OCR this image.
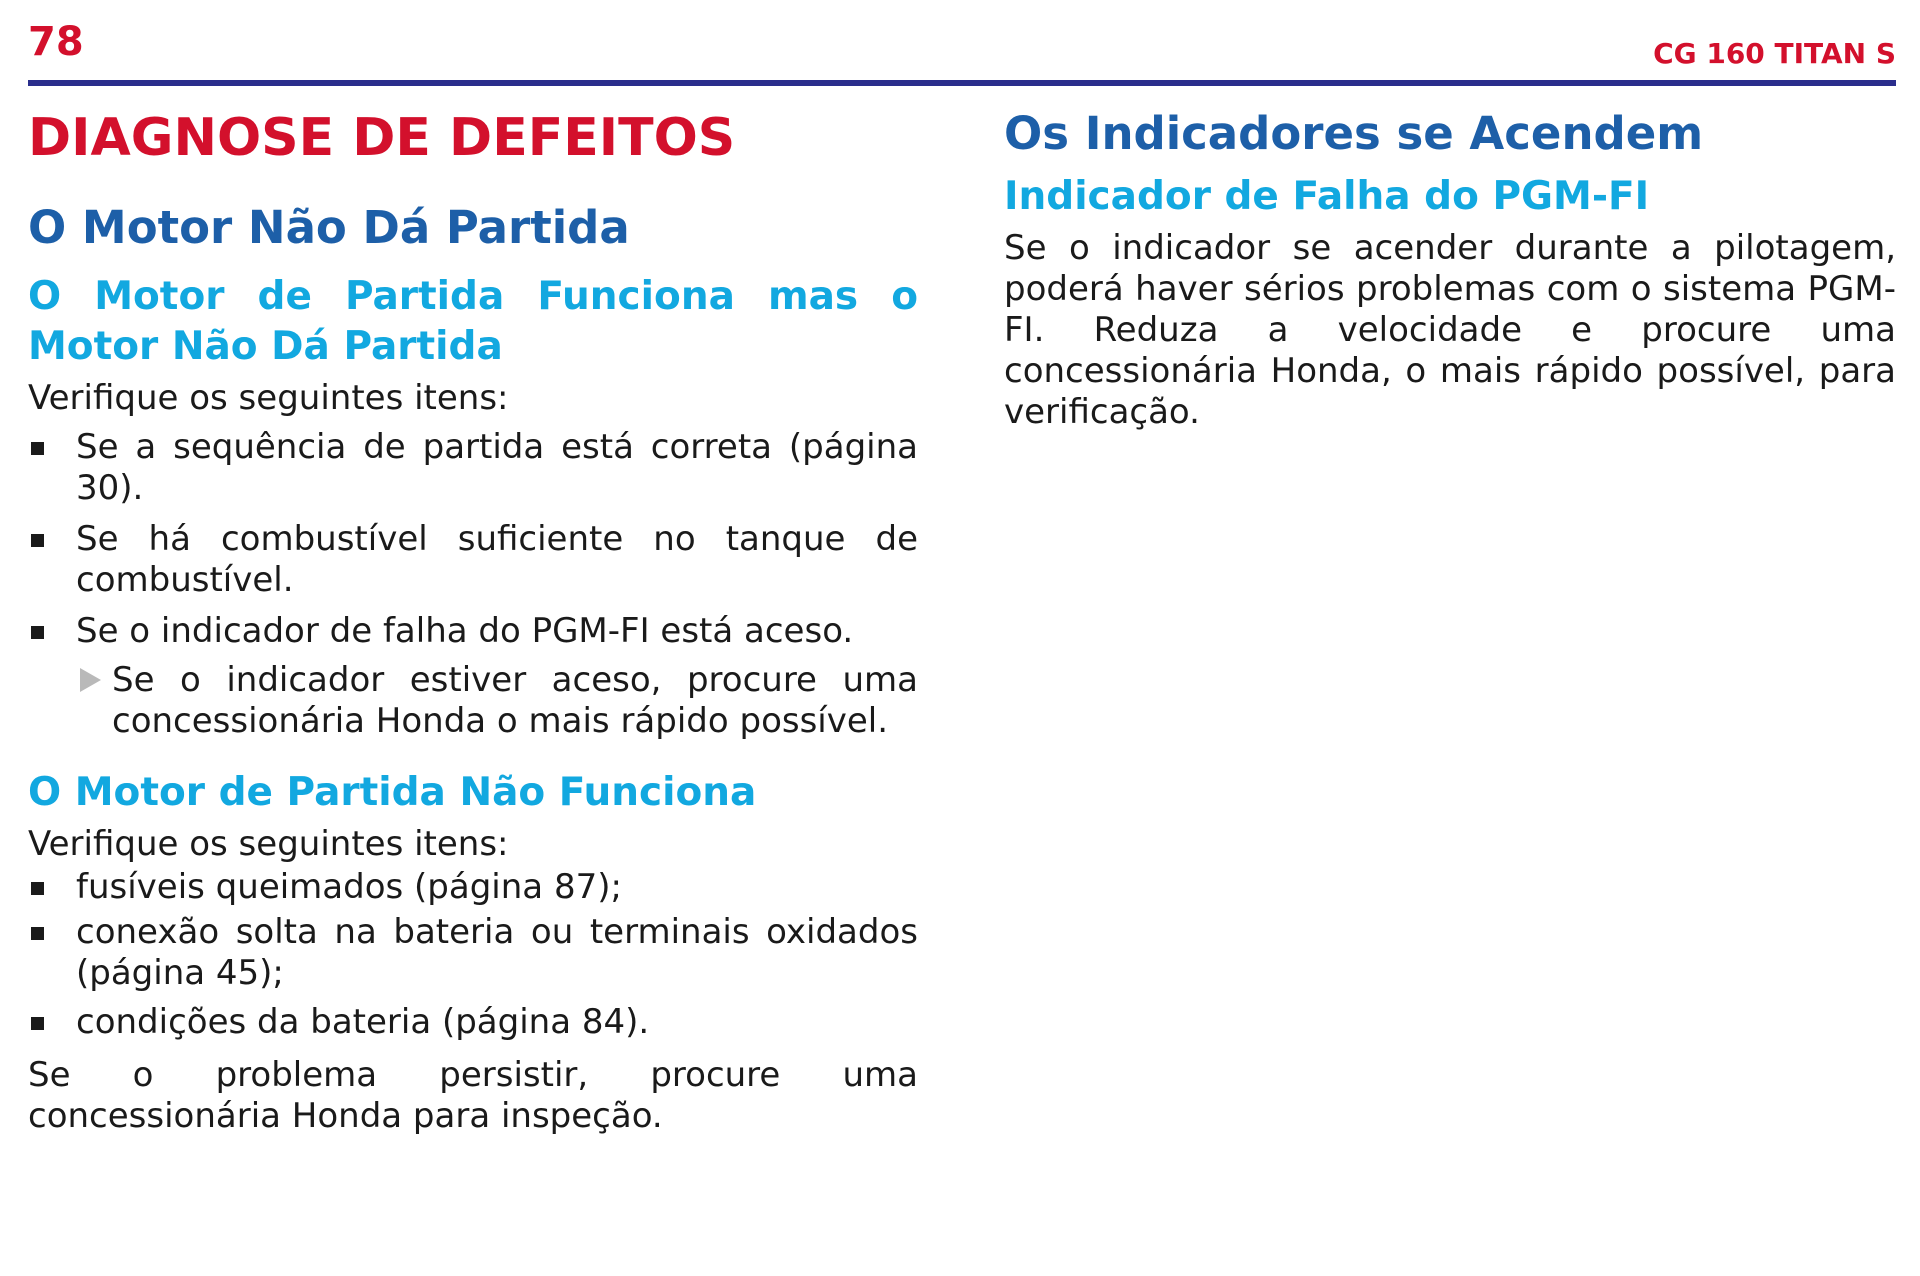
78	CG 160 TITAN S
DIAGNOSE DE DEFEITOS
O Motor Não Dá Partida
O Motor de Partida Funciona mas o Motor Não Dá Partida

Verifique os seguintes itens:

Se a sequência de partida está correta (página 30).
Se há combustível suficiente no tanque de combustível.
Se o indicador de falha do PGM-FI está aceso.
Se o indicador estiver aceso, procure uma concessionária Honda o mais rápido possível.
O Motor de Partida Não Funciona

Verifique os seguintes itens:

fusíveis queimados (página 87);
conexão solta na bateria ou terminais oxidados (página 45);
condições da bateria (página 84).

Se o problema persistir, procure uma concessionária Honda para inspeção.

Os Indicadores se Acendem
Indicador de Falha do PGM-FI

Se o indicador se acender durante a pilotagem, poderá haver sérios problemas com o sistema PGM-FI. Reduza a velocidade e procure uma concessionária Honda, o mais rápido possível, para verificação.
